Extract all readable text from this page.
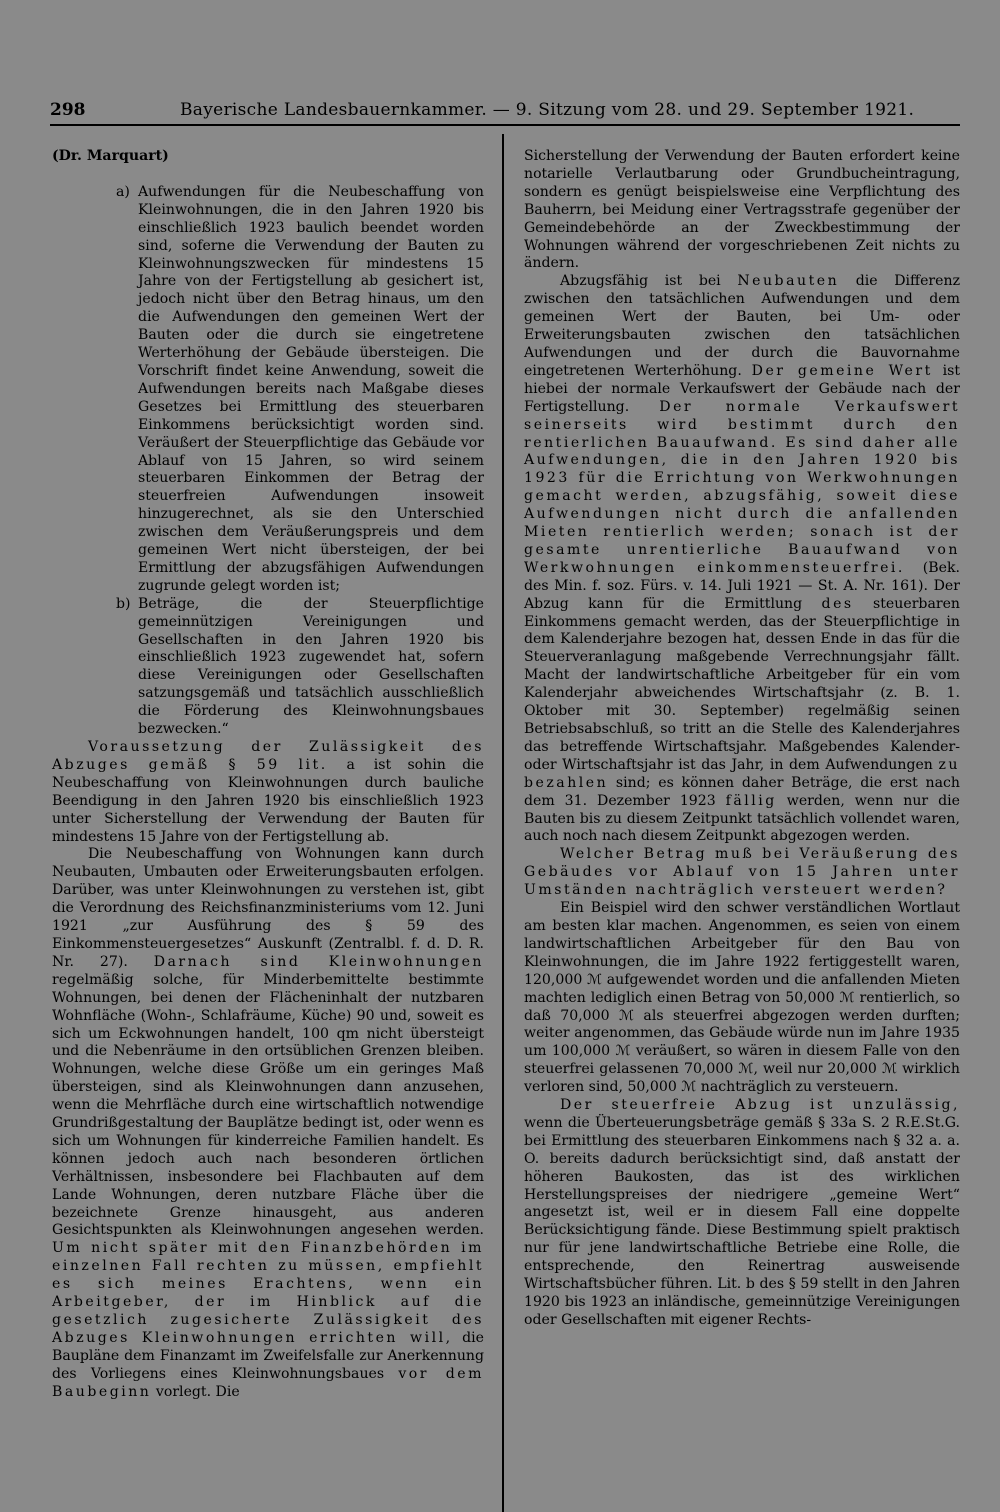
298	Bayerische Landesbauernkammer. — 9. Sitzung vom 28. und 29. September 1921.

(Dr. Marquart)

a) Aufwendungen für die Neubeschaffung von Kleinwohnungen, die in den Jahren 1920 bis einschließlich 1923 baulich beendet worden sind, soferne die Verwendung der Bauten zu Kleinwohnungszwecken für mindestens 15 Jahre von der Fertigstellung ab gesichert ist, jedoch nicht über den Betrag hinaus, um den die Aufwendungen den gemeinen Wert der Bauten oder die durch sie eingetretene Werterhöhung der Gebäude übersteigen. Die Vorschrift findet keine Anwendung, soweit die Aufwendungen bereits nach Maßgabe dieses Gesetzes bei Ermittlung des steuerbaren Einkommens berücksichtigt worden sind. Veräußert der Steuerpflichtige das Gebäude vor Ablauf von 15 Jahren, so wird seinem steuerbaren Einkommen der Betrag der steuerfreien Aufwendungen insoweit hinzugerechnet, als sie den Unterschied zwischen dem Veräußerungspreis und dem gemeinen Wert nicht übersteigen, der bei Ermittlung der abzugsfähigen Aufwendungen zugrunde gelegt worden ist;
b) Beträge, die der Steuerpflichtige gemeinnützigen Vereinigungen und Gesellschaften in den Jahren 1920 bis einschließlich 1923 zugewendet hat, sofern diese Vereinigungen oder Gesellschaften satzungsgemäß und tatsächlich ausschließlich die Förderung des Kleinwohnungsbaues bezwecken.“

Voraussetzung der Zulässigkeit des Abzuges gemäß § 59 lit. a ist sohin die Neubeschaffung von Kleinwohnungen durch bauliche Beendigung in den Jahren 1920 bis einschließlich 1923 unter Sicherstellung der Verwendung der Bauten für mindestens 15 Jahre von der Fertigstellung ab.

Die Neubeschaffung von Wohnungen kann durch Neubauten, Umbauten oder Erweiterungsbauten erfolgen. Darüber, was unter Kleinwohnungen zu verstehen ist, gibt die Verordnung des Reichsfinanzministeriums vom 12. Juni 1921 „zur Ausführung des § 59 des Einkommensteuergesetzes“ Auskunft (Zentralbl. f. d. D. R. Nr. 27). Darnach sind Kleinwohnungen regelmäßig solche, für Minderbemittelte bestimmte Wohnungen, bei denen der Flächeninhalt der nutzbaren Wohnfläche (Wohn-, Schlafräume, Küche) 90 und, soweit es sich um Eckwohnungen handelt, 100 qm nicht übersteigt und die Nebenräume in den ortsüblichen Grenzen bleiben. Wohnungen, welche diese Größe um ein geringes Maß übersteigen, sind als Kleinwohnungen dann anzusehen, wenn die Mehrfläche durch eine wirtschaftlich notwendige Grundrißgestaltung der Bauplätze bedingt ist, oder wenn es sich um Wohnungen für kinderreiche Familien handelt. Es können jedoch auch nach besonderen örtlichen Verhältnissen, insbesondere bei Flachbauten auf dem Lande Wohnungen, deren nutzbare Fläche über die bezeichnete Grenze hinausgeht, aus anderen Gesichtspunkten als Kleinwohnungen angesehen werden. Um nicht später mit den Finanzbehörden im einzelnen Fall rechten zu müssen, empfiehlt es sich meines Erachtens, wenn ein Arbeitgeber, der im Hinblick auf die gesetzlich zugesicherte Zulässigkeit des Abzuges Kleinwohnungen errichten will, die Baupläne dem Finanzamt im Zweifelsfalle zur Anerkennung des Vorliegens eines Kleinwohnungsbaues vor dem Baubeginn vorlegt. Die

Sicherstellung der Verwendung der Bauten erfordert keine notarielle Verlautbarung oder Grundbucheintragung, sondern es genügt beispielsweise eine Verpflichtung des Bauherrn, bei Meidung einer Vertragsstrafe gegenüber der Gemeindebehörde an der Zweckbestimmung der Wohnungen während der vorgeschriebenen Zeit nichts zu ändern.

Abzugsfähig ist bei Neubauten die Differenz zwischen den tatsächlichen Aufwendungen und dem gemeinen Wert der Bauten, bei Um- oder Erweiterungsbauten zwischen den tatsächlichen Aufwendungen und der durch die Bauvornahme eingetretenen Werterhöhung. Der gemeine Wert ist hiebei der normale Verkaufswert der Gebäude nach der Fertigstellung. Der normale Verkaufswert seinerseits wird bestimmt durch den rentierlichen Bauaufwand. Es sind daher alle Aufwendungen, die in den Jahren 1920 bis 1923 für die Errichtung von Werkwohnungen gemacht werden, abzugsfähig, soweit diese Aufwendungen nicht durch die anfallenden Mieten rentierlich werden; sonach ist der gesamte unrentierliche Bauaufwand von Werkwohnungen einkommensteuerfrei. (Bek. des Min. f. soz. Fürs. v. 14. Juli 1921 — St. A. Nr. 161). Der Abzug kann für die Ermittlung des steuerbaren Einkommens gemacht werden, das der Steuerpflichtige in dem Kalenderjahre bezogen hat, dessen Ende in das für die Steuerveranlagung maßgebende Verrechnungsjahr fällt. Macht der landwirtschaftliche Arbeitgeber für ein vom Kalenderjahr abweichendes Wirtschaftsjahr (z. B. 1. Oktober mit 30. September) regelmäßig seinen Betriebsabschluß, so tritt an die Stelle des Kalenderjahres das betreffende Wirtschaftsjahr. Maßgebendes Kalender- oder Wirtschaftsjahr ist das Jahr, in dem Aufwendungen zu bezahlen sind; es können daher Beträge, die erst nach dem 31. Dezember 1923 fällig werden, wenn nur die Bauten bis zu diesem Zeitpunkt tatsächlich vollendet waren, auch noch nach diesem Zeitpunkt abgezogen werden.

Welcher Betrag muß bei Veräußerung des Gebäudes vor Ablauf von 15 Jahren unter Umständen nachträglich versteuert werden?

Ein Beispiel wird den schwer verständlichen Wortlaut am besten klar machen. Angenommen, es seien von einem landwirtschaftlichen Arbeitgeber für den Bau von Kleinwohnungen, die im Jahre 1922 fertiggestellt waren, 120,000 ℳ aufgewendet worden und die anfallenden Mieten machten lediglich einen Betrag von 50,000 ℳ rentierlich, so daß 70,000 ℳ als steuerfrei abgezogen werden durften; weiter angenommen, das Gebäude würde nun im Jahre 1935 um 100,000 ℳ veräußert, so wären in diesem Falle von den steuerfrei gelassenen 70,000 ℳ, weil nur 20,000 ℳ wirklich verloren sind, 50,000 ℳ nachträglich zu versteuern.

Der steuerfreie Abzug ist unzulässig, wenn die Überteuerungsbeträge gemäß § 33a S. 2 R.E.St.G. bei Ermittlung des steuerbaren Einkommens nach § 32 a. a. O. bereits dadurch berücksichtigt sind, daß anstatt der höheren Baukosten, das ist des wirklichen Herstellungspreises der niedrigere „gemeine Wert“ angesetzt ist, weil er in diesem Fall eine doppelte Berücksichtigung fände. Diese Bestimmung spielt praktisch nur für jene landwirtschaftliche Betriebe eine Rolle, die entsprechende, den Reinertrag ausweisende Wirtschaftsbücher führen. Lit. b des § 59 stellt in den Jahren 1920 bis 1923 an inländische, gemeinnützige Vereinigungen oder Gesellschaften mit eigener Rechts-
